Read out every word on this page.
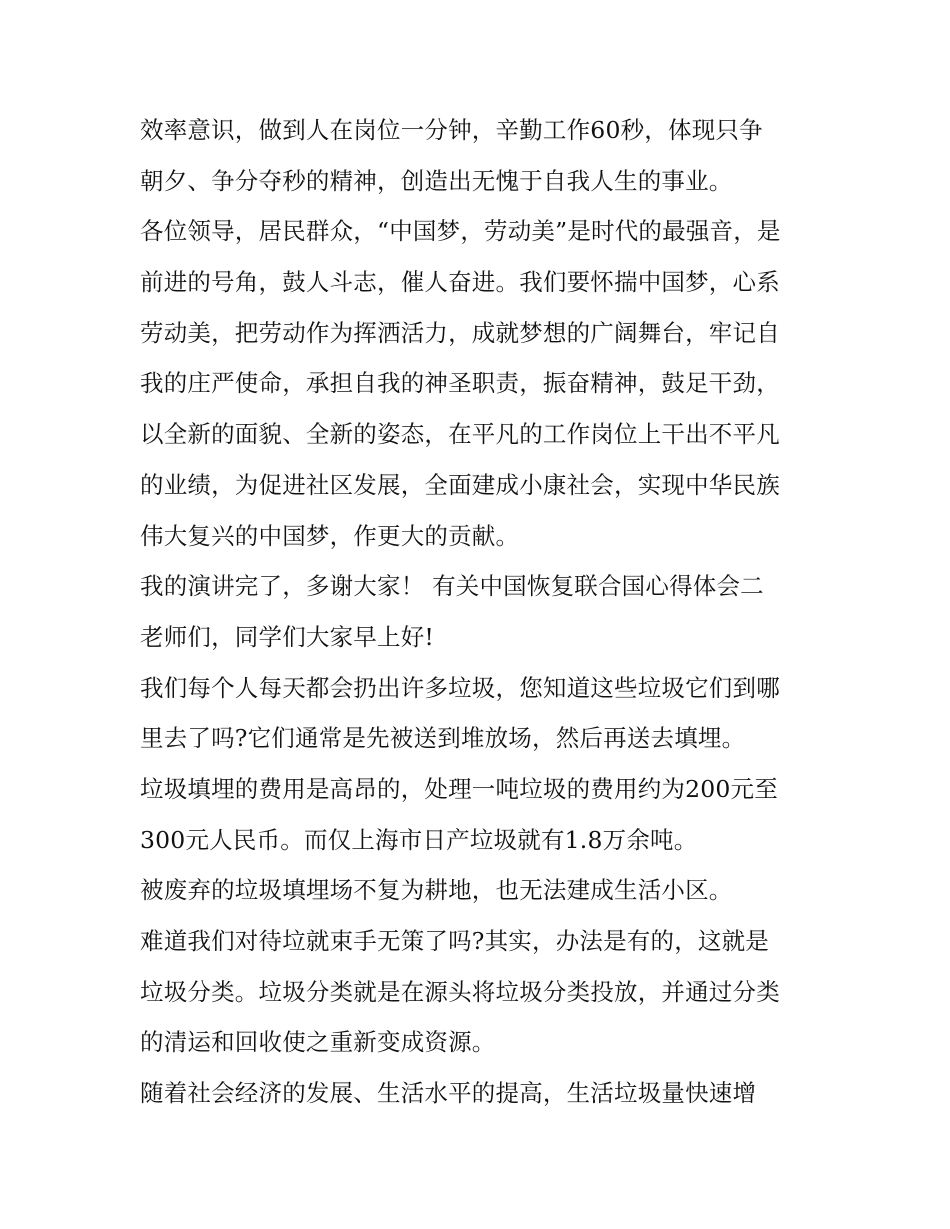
效率意识，做到人在岗位一分钟，辛勤工作60秒，体现只争
朝夕、争分夺秒的精神，创造出无愧于自我人生的事业。
各位领导，居民群众，“中国梦，劳动美”是时代的最强音，是
前进的号角，鼓人斗志，催人奋进。我们要怀揣中国梦，心系
劳动美，把劳动作为挥洒活力，成就梦想的广阔舞台，牢记自
我的庄严使命，承担自我的神圣职责，振奋精神，鼓足干劲，
以全新的面貌、全新的姿态，在平凡的工作岗位上干出不平凡
的业绩，为促进社区发展，全面建成小康社会，实现中华民族
伟大复兴的中国梦，作更大的贡献。
我的演讲完了，多谢大家！ 有关中国恢复联合国心得体会二
老师们，同学们大家早上好!
我们每个人每天都会扔出许多垃圾，您知道这些垃圾它们到哪
里去了吗?它们通常是先被送到堆放场，然后再送去填埋。
垃圾填埋的费用是高昂的，处理一吨垃圾的费用约为200元至
300元人民币。而仅上海市日产垃圾就有1.8万余吨。
被废弃的垃圾填埋场不复为耕地，也无法建成生活小区。
难道我们对待垃就束手无策了吗?其实，办法是有的，这就是
垃圾分类。垃圾分类就是在源头将垃圾分类投放，并通过分类
的清运和回收使之重新变成资源。
随着社会经济的发展、生活水平的提高，生活垃圾量快速增
